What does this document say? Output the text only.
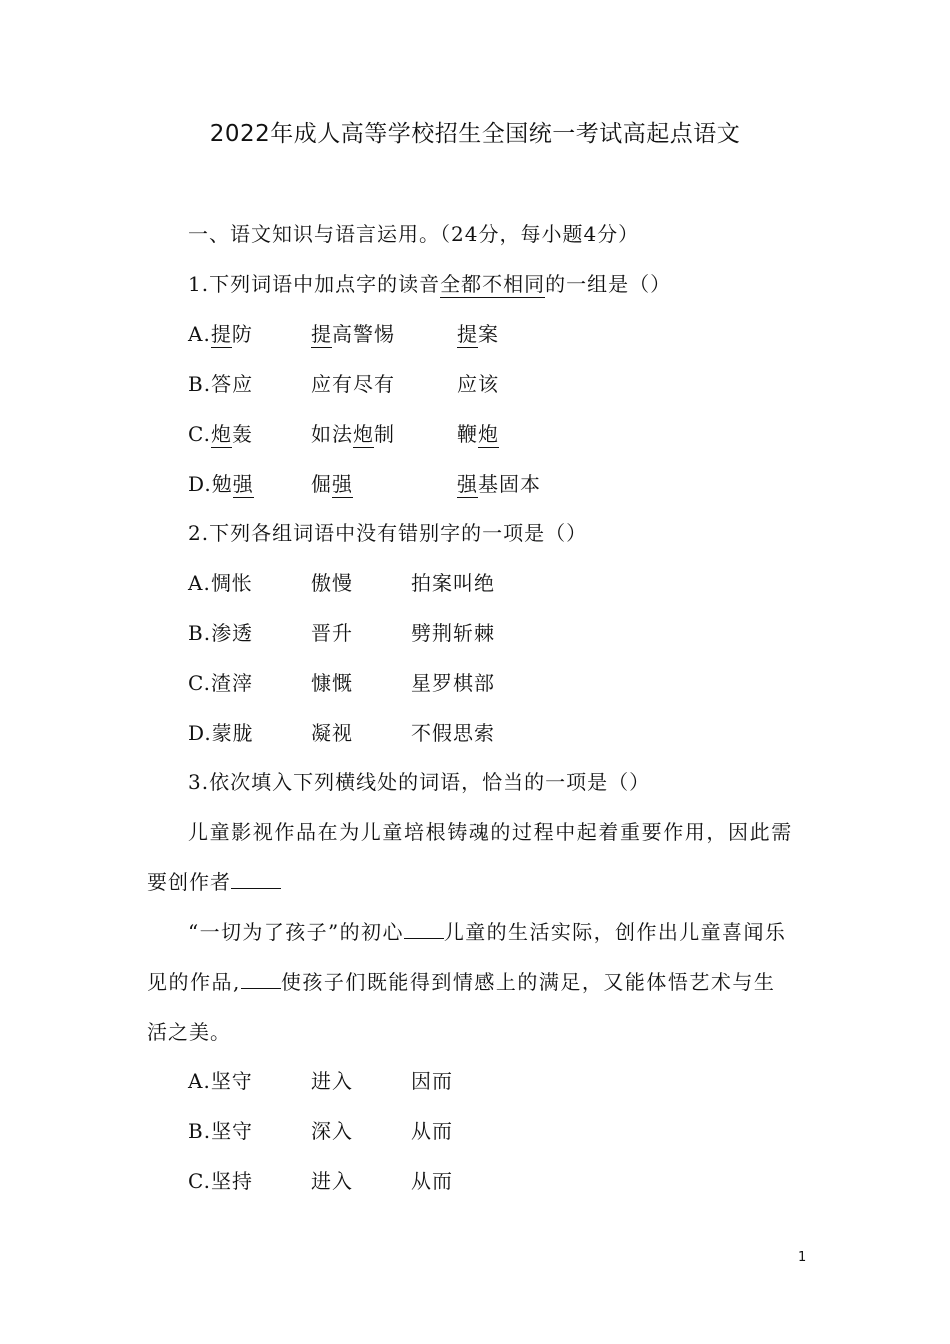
2022年成人高等学校招生全国统一考试高起点语文
一、语文知识与语言运用。（24分，每小题4分）
1.下列词语中加点字的读音全都不相同的一组是（）
A.提防	提高警惕	提案
B.答应	应有尽有	应该
C.炮轰	如法炮制	鞭炮
D.勉强	倔强	强基固本
2.下列各组词语中没有错别字的一项是（）
A.惆怅	傲慢	拍案叫绝
B.渗透	晋升	劈荆斩棘
C.渣滓	慷慨	星罗棋部
D.蒙胧	凝视	不假思索
3.依次填入下列横线处的词语，恰当的一项是（）
儿童影视作品在为儿童培根铸魂的过程中起着重要作用，因此需
要创作者
“一切为了孩子”的初心 儿童的生活实际，创作出儿童喜闻乐
见的作品, 使孩子们既能得到情感上的满足，又能体悟艺术与生
活之美。
A.坚守	进入	因而
B.坚守	深入	从而
C.坚持	进入	从而
1
